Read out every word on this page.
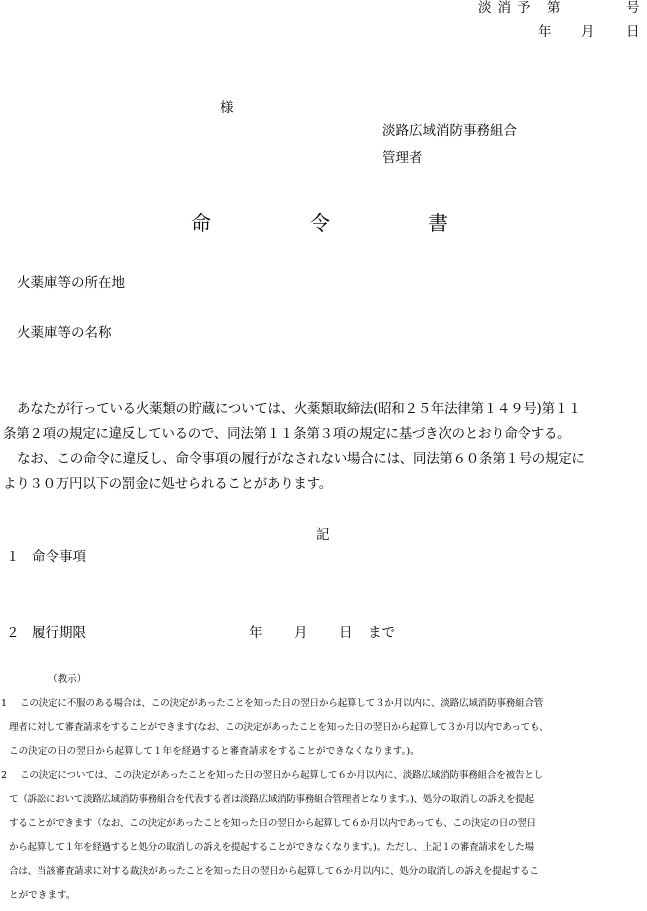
淡消予 第	号
年 月 日
様
淡路広域消防事務組合
管理者
命	令	書
火薬庫等の所在地
火薬庫等の名称
あなたが行っている火薬類の貯蔵については、火薬類取締法(昭和２５年法律第１４９号)第１１
条第２項の規定に違反しているので、同法第１１条第３項の規定に基づき次のとおり命令する。
なお、この命令に違反し、命令事項の履行がなされない場合には、同法第６０条第１号の規定に
より３０万円以下の罰金に処せられることがあります。
記
１ 命令事項
２ 履行期限	年 月 日 まで
（教示）
1 この決定に不服のある場合は、この決定があったことを知った日の翌日から起算して３か月以内に、淡路広域消防事務組合管
理者に対して審査請求をすることができます(なお、この決定があったことを知った日の翌日から起算して３か月以内であっても、
この決定の日の翌日から起算して１年を経過すると審査請求をすることができなくなります。)。
2 この決定については、この決定があったことを知った日の翌日から起算して６か月以内に、淡路広域消防事務組合を被告とし
て（訴訟において淡路広域消防事務組合を代表する者は淡路広域消防事務組合管理者となります。)、処分の取消しの訴えを提起
することができます（なお、この決定があったことを知った日の翌日から起算して６か月以内であっても、この決定の日の翌日
から起算して１年を経過すると処分の取消しの訴えを提起することができなくなります。)。ただし、上記１の審査請求をした場
合は、当該審査請求に対する裁決があったことを知った日の翌日から起算して６か月以内に、処分の取消しの訴えを提起するこ
とができます。
